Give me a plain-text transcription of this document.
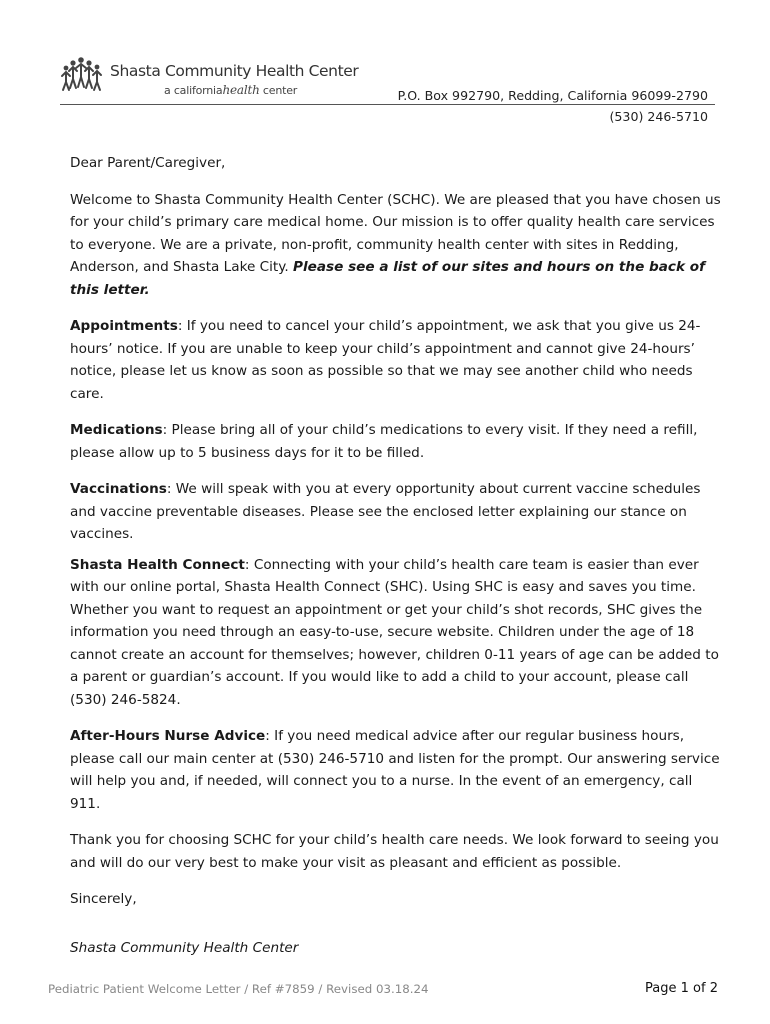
Shasta Community Health Center
a californiahealth center	P.O. Box 992790, Redding, California 96099-2790
(530) 246-5710

Dear Parent/Caregiver,

Welcome to Shasta Community Health Center (SCHC). We are pleased that you have chosen us for your child’s primary care medical home. Our mission is to offer quality health care services to everyone. We are a private, non-profit, community health center with sites in Redding, Anderson, and Shasta Lake City. Please see a list of our sites and hours on the back of this letter.

Appointments: If you need to cancel your child’s appointment, we ask that you give us 24-hours’ notice. If you are unable to keep your child’s appointment and cannot give 24-hours’ notice, please let us know as soon as possible so that we may see another child who needs care.

Medications: Please bring all of your child’s medications to every visit. If they need a refill, please allow up to 5 business days for it to be filled.

Vaccinations: We will speak with you at every opportunity about current vaccine schedules and vaccine preventable diseases. Please see the enclosed letter explaining our stance on vaccines.

Shasta Health Connect: Connecting with your child’s health care team is easier than ever with our online portal, Shasta Health Connect (SHC). Using SHC is easy and saves you time. Whether you want to request an appointment or get your child’s shot records, SHC gives the information you need through an easy-to-use, secure website. Children under the age of 18 cannot create an account for themselves; however, children 0-11 years of age can be added to a parent or guardian’s account. If you would like to add a child to your account, please call (530) 246-5824.

After-Hours Nurse Advice: If you need medical advice after our regular business hours, please call our main center at (530) 246-5710 and listen for the prompt. Our answering service will help you and, if needed, will connect you to a nurse. In the event of an emergency, call 911.

Thank you for choosing SCHC for your child’s health care needs. We look forward to seeing you and will do our very best to make your visit as pleasant and efficient as possible.

Sincerely,

Shasta Community Health Center

Pediatric Patient Welcome Letter / Ref #7859 / Revised 03.18.24	Page 1 of 2
